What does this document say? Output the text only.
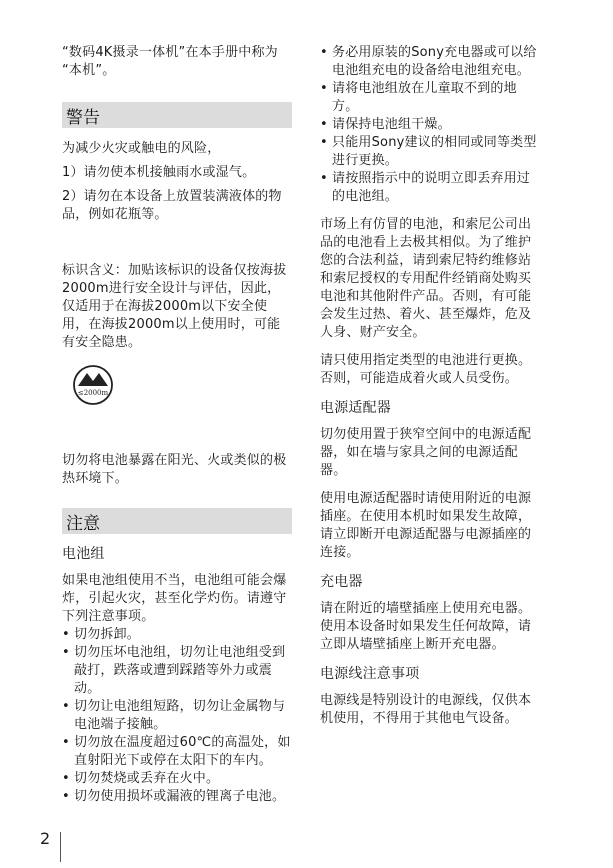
“数码4K摄录一体机”在本手册中称为 “本机”。

警告

为减少火灾或触电的风险，

1）请勿使本机接触雨水或湿气。

2）请勿在本设备上放置装满液体的物品，例如花瓶等。

标识含义：加贴该标识的设备仅按海拔2000m进行安全设计与评估，因此，仅适用于在海拔2000m以下安全使用，在海拔2000m以上使用时，可能有安全隐患。

≤2000m

切勿将电池暴露在阳光、火或类似的极热环境下。

注意

电池组

如果电池组使用不当，电池组可能会爆炸，引起火灾，甚至化学灼伤。请遵守下列注意事项。

• 切勿拆卸。
• 切勿压坏电池组，切勿让电池组受到敲打，跌落或遭到踩踏等外力或震动。
• 切勿让电池组短路，切勿让金属物与电池端子接触。
• 切勿放在温度超过60℃的高温处，如直射阳光下或停在太阳下的车内。
• 切勿焚烧或丢弃在火中。
• 切勿使用损坏或漏液的锂离子电池。
• 务必用原装的Sony充电器或可以给电池组充电的设备给电池组充电。
• 请将电池组放在儿童取不到的地方。
• 请保持电池组干燥。
• 只能用Sony建议的相同或同等类型进行更换。
• 请按照指示中的说明立即丢弃用过的电池组。

市场上有仿冒的电池，和索尼公司出品的电池看上去极其相似。为了维护您的合法利益，请到索尼特约维修站和索尼授权的专用配件经销商处购买电池和其他附件产品。否则，有可能会发生过热、着火、甚至爆炸，危及人身、财产安全。

请只使用指定类型的电池进行更换。否则，可能造成着火或人员受伤。

电源适配器

切勿使用置于狭窄空间中的电源适配器，如在墙与家具之间的电源适配器。

使用电源适配器时请使用附近的电源插座。在使用本机时如果发生故障，请立即断开电源适配器与电源插座的连接。

充电器

请在附近的墙壁插座上使用充电器。使用本设备时如果发生任何故障，请立即从墙壁插座上断开充电器。

电源线注意事项

电源线是特别设计的电源线，仅供本机使用，不得用于其他电气设备。

2
